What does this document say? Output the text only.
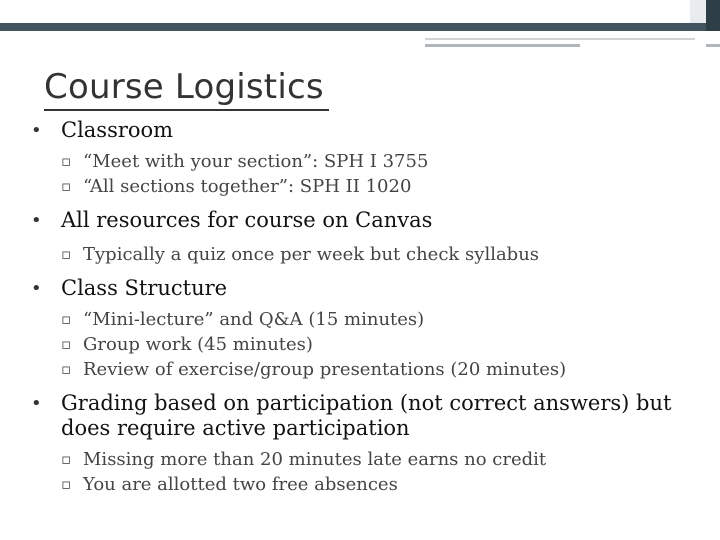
Course Logistics
• Classroom
▫ “Meet with your section”: SPH I 3755
▫ “All sections together”: SPH II 1020
• All resources for course on Canvas
▫ Typically a quiz once per week but check syllabus
• Class Structure
▫ “Mini-lecture” and Q&A (15 minutes)
▫ Group work (45 minutes)
▫ Review of exercise/group presentations (20 minutes)
• Grading based on participation (not correct answers) but does require active participation
▫ Missing more than 20 minutes late earns no credit
▫ You are allotted two free absences
